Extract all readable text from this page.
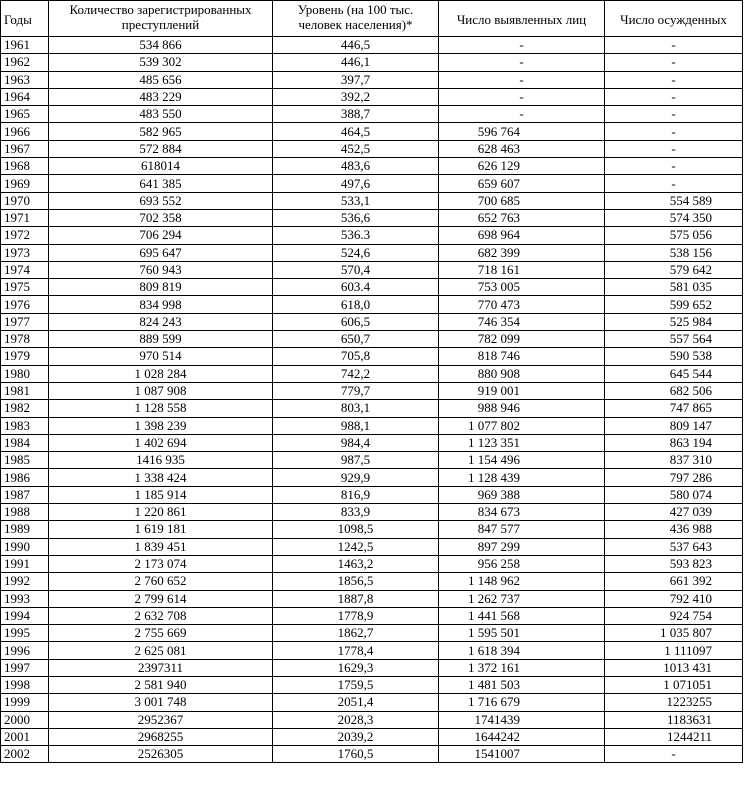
Годы	Количество зарегистрированных преступлений	Уровень (на 100 тыс. человек населения)*	Число выявленных лиц	Число осужденных
1961	534 866	446,5	-	-
1962	539 302	446,1	-	-
1963	485 656	397,7	-	-
1964	483 229	392,2	-	-
1965	483 550	388,7	-	-
1966	582 965	464,5	596 764	-
1967	572 884	452,5	628 463	-
1968	618014	483,6	626 129	-
1969	641 385	497,6	659 607	-
1970	693 552	533,1	700 685	554 589
1971	702 358	536,6	652 763	574 350
1972	706 294	536.3	698 964	575 056
1973	695 647	524,6	682 399	538 156
1974	760 943	570,4	718 161	579 642
1975	809 819	603.4	753 005	581 035
1976	834 998	618,0	770 473	599 652
1977	824 243	606,5	746 354	525 984
1978	889 599	650,7	782 099	557 564
1979	970 514	705,8	818 746	590 538
1980	1 028 284	742,2	880 908	645 544
1981	1 087 908	779,7	919 001	682 506
1982	1 128 558	803,1	988 946	747 865
1983	1 398 239	988,1	1 077 802	809 147
1984	1 402 694	984,4	1 123 351	863 194
1985	1416 935	987,5	1 154 496	837 310
1986	1 338 424	929,9	1 128 439	797 286
1987	1 185 914	816,9	969 388	580 074
1988	1 220 861	833,9	834 673	427 039
1989	1 619 181	1098,5	847 577	436 988
1990	1 839 451	1242,5	897 299	537 643
1991	2 173 074	1463,2	956 258	593 823
1992	2 760 652	1856,5	1 148 962	661 392
1993	2 799 614	1887,8	1 262 737	792 410
1994	2 632 708	1778,9	1 441 568	924 754
1995	2 755 669	1862,7	1 595 501	1 035 807
1996	2 625 081	1778,4	1 618 394	1 111097
1997	2397311	1629,3	1 372 161	1013 431
1998	2 581 940	1759,5	1 481 503	1 071051
1999	3 001 748	2051,4	1 716 679	1223255
2000	2952367	2028,3	1741439	1183631
2001	2968255	2039,2	1644242	1244211
2002	2526305	1760,5	1541007	-
